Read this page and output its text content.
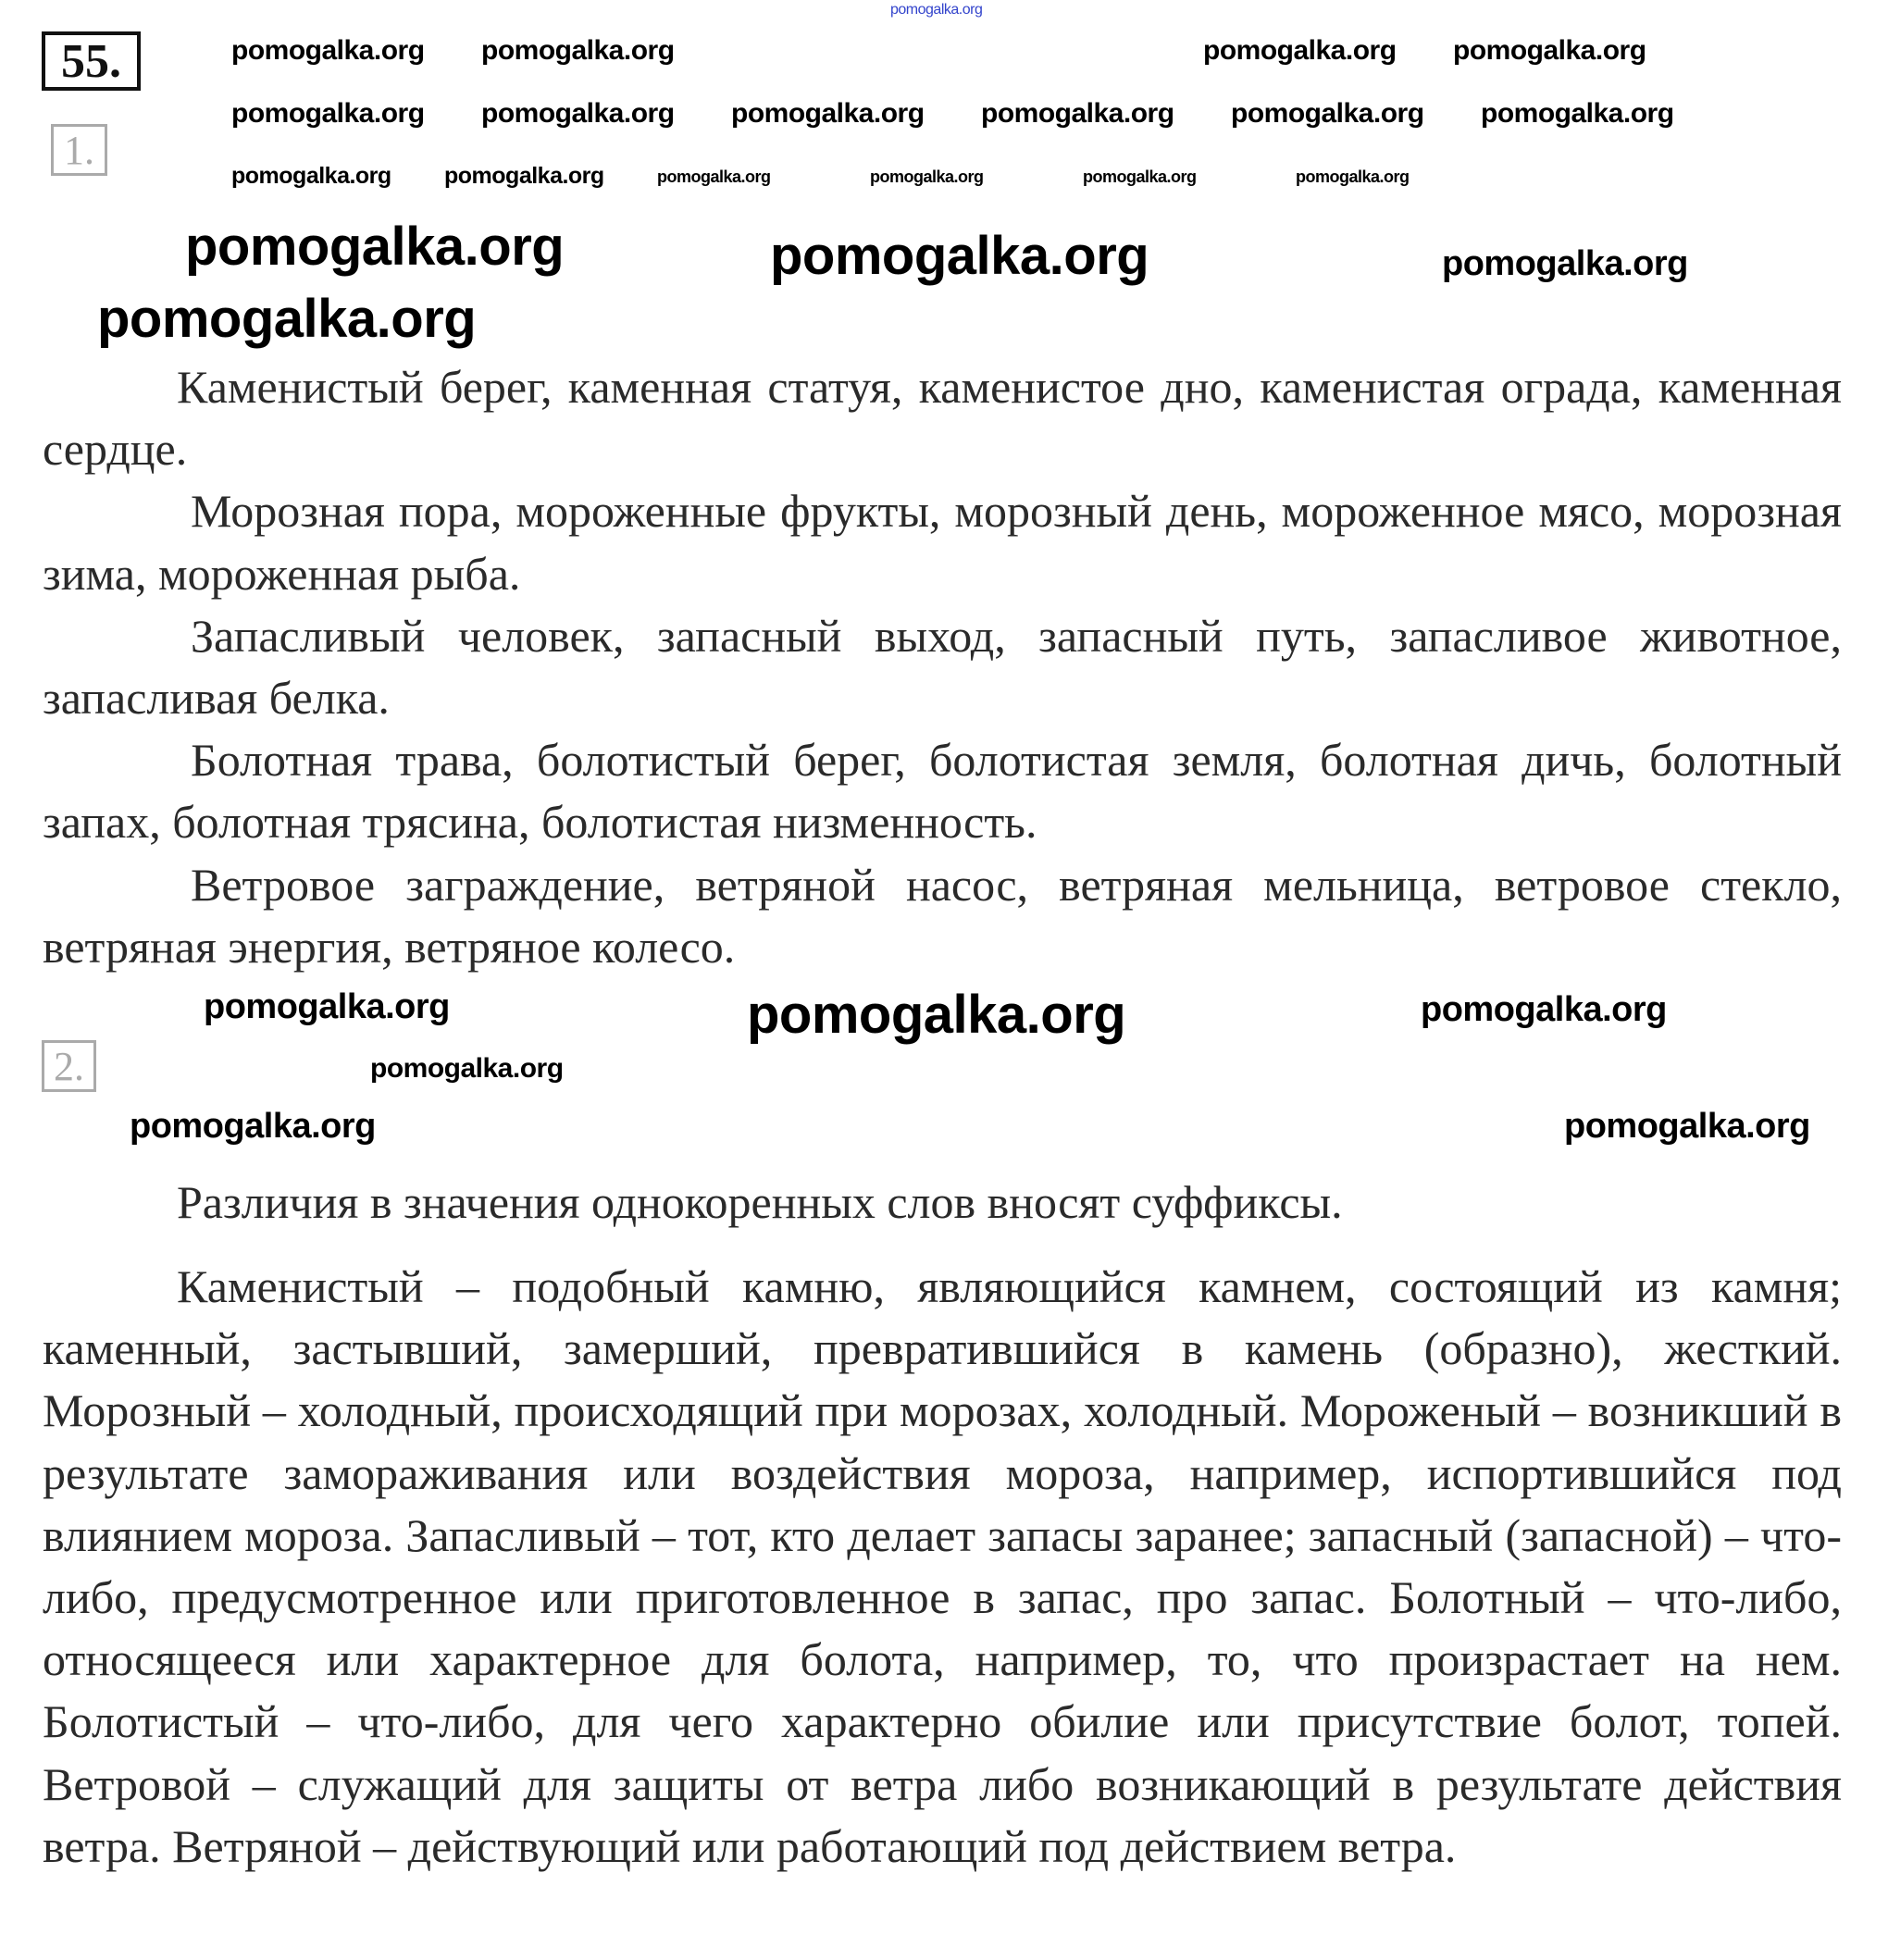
pomogalka.org
55.
1.

Каменистый берег, каменная статуя, каменистое дно, каменистая ограда, каменная сердце.

Морозная пора, мороженные фрукты, морозный день, мороженное мясо, морозная зима, мороженная рыба.

Запасливый человек, запасный выход, запасный путь, запасливое животное, запасливая белка.

Болотная трава, болотистый берег, болотистая земля, болотная дичь, болотный запах, болотная трясина, болотистая низменность.

Ветровое заграждение, ветряной насос, ветряная мельница, ветровое стекло, ветряная энергия, ветряное колесо.

2.

Различия в значения однокоренных слов вносят суффиксы.

Каменистый – подобный камню, являющийся камнем, состоящий из камня; каменный, застывший, замерший, превратившийся в камень (образно), жесткий. Морозный – холодный, происходящий при морозах, холодный. Мороженый – возникший в результате замораживания или воздействия мороза, например, испортившийся под влиянием мороза. Запасливый – тот, кто делает запасы заранее; запасный (запасной) – что-либо, предусмотренное или приготовленное в запас, про запас. Болотный – что-либо, относящееся или характерное для болота, например, то, что произрастает на нем. Болотистый – что-либо, для чего характерно обилие или присутствие болот, топей. Ветровой – служащий для защиты от ветра либо возникающий в результате действия ветра. Ветряной – действующий или работающий под действием ветра.

pomogalka.org pomogalka.org	pomogalka.org pomogalka.org
pomogalka.org pomogalka.org pomogalka.org pomogalka.org pomogalka.org pomogalka.org
pomogalka.org pomogalka.org	pomogalka.org	pomogalka.org	pomogalka.org	pomogalka.org
pomogalka.org	pomogalka.org	pomogalka.org
pomogalka.org
pomogalka.org	pomogalka.org	pomogalka.org
pomogalka.org
pomogalka.org	pomogalka.org
